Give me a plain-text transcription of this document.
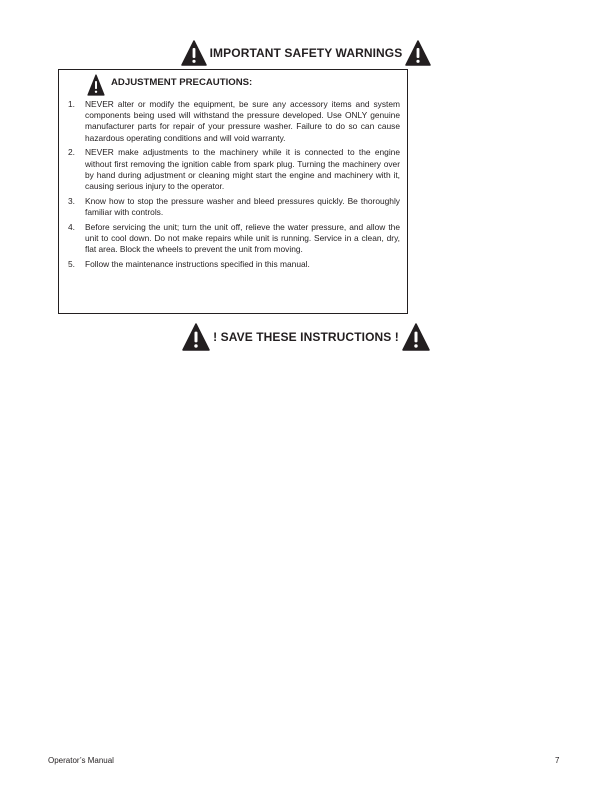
IMPORTANT SAFETY WARNINGS
ADJUSTMENT PRECAUTIONS:
1. NEVER alter or modify the equipment, be sure any accessory items and system components being used will withstand the pressure developed. Use ONLY genuine manufacturer parts for repair of your pressure washer. Failure to do so can cause hazardous operating conditions and will void warranty.
2. NEVER make adjustments to the machinery while it is connected to the engine without first removing the ignition cable from spark plug. Turning the machinery over by hand during adjustment or cleaning might start the engine and machinery with it, causing serious injury to the operator.
3. Know how to stop the pressure washer and bleed pressures quickly. Be thoroughly familiar with controls.
4. Before servicing the unit; turn the unit off, relieve the water pressure, and allow the unit to cool down. Do not make repairs while unit is running. Service in a clean, dry, flat area. Block the wheels to prevent the unit from moving.
5. Follow the maintenance instructions specified in this manual.
! SAVE THESE INSTRUCTIONS !
Operator’s Manual	7
